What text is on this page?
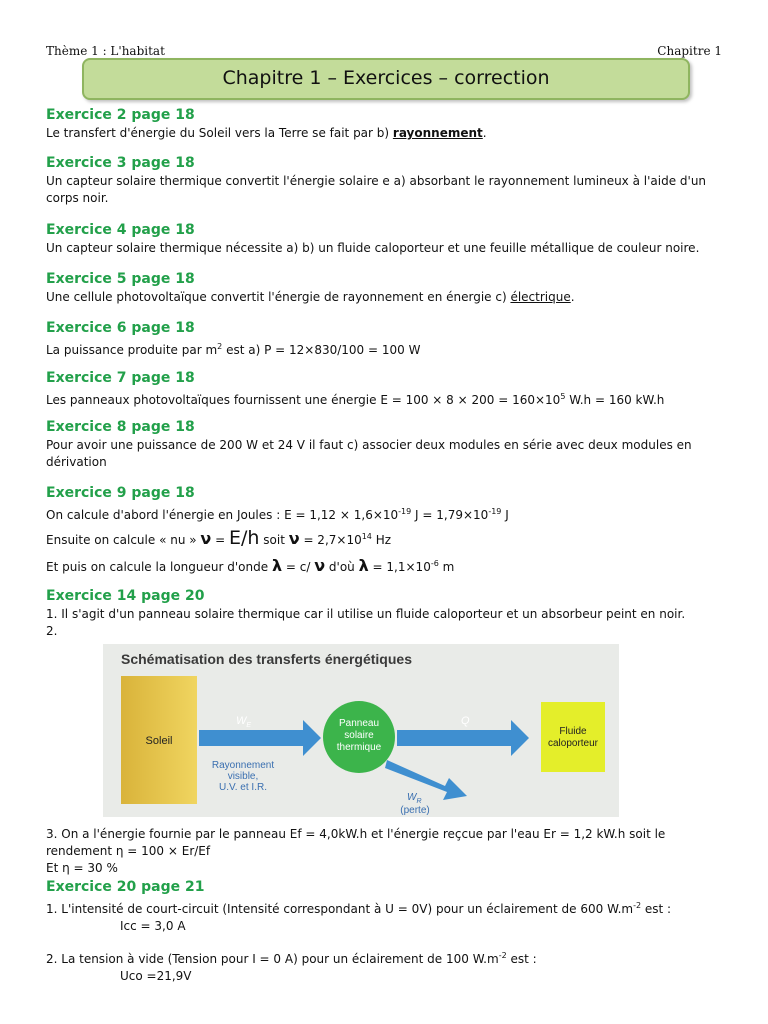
Thème 1 : L'habitat	Chapitre 1
Chapitre 1 – Exercices – correction
Exercice 2 page 18

Le transfert d'énergie du Soleil vers la Terre se fait par b) rayonnement.

Exercice 3 page 18

Un capteur solaire thermique convertit l'énergie solaire e a) absorbant le rayonnement lumineux à l'aide d'un corps noir.

Exercice 4 page 18

Un capteur solaire thermique nécessite a) b) un fluide caloporteur et une feuille métallique de couleur noire.

Exercice 5 page 18

Une cellule photovoltaïque convertit l'énergie de rayonnement en énergie c) électrique.

Exercice 6 page 18

La puissance produite par $m^2$ est a) P = 12×830/100 = 100 W

Exercice 7 page 18

Les panneaux photovoltaïques fournissent une énergie $E = 100 \times 8 \times 200 = 160\times 10^5$ W.h = 160 kW.h

Exercice 8 page 18

Pour avoir une puissance de 200 W et 24 V il faut c) associer deux modules en série avec deux modules en dérivation

Exercice 9 page 18

On calcule d'abord l'énergie en Joules : $E = 1,12 \times 1,6\times 10^{-19}$ $J = 1,79\times 10^{-19}$ J

Ensuite on calcule « nu » ν = E/h soit $\nu = 2,7\times 10^{14}$ Hz

Et puis on calcule la longueur d'onde λ = c/ ν d'où $\lambda = 1,1\times 10^{-6}$ m

Exercice 14 page 20

1. Il s'agit d'un panneau solaire thermique car il utilise un fluide caloporteur et un absorbeur peint en noir.

2.

Schématisation des transferts énergétiques
Soleil
$W_E$
Rayonnement
visible,
U.V. et I.R.
Panneau
solaire
thermique
Q
$W_R$
(perte)
Fluide
caloporteur

3. On a l'énergie fournie par le panneau Ef = 4,0kW.h et l'énergie reçcue par l'eau Er = 1,2 kW.h soit le rendement η = 100 × Er/Ef

Et η = 30 %

Exercice 20 page 21

1. L'intensité de court-circuit (Intensité correspondant à U = 0V) pour un éclairement de 600 $W.m^{-2}$ est :

Icc = 3,0 A

2. La tension à vide (Tension pour I = 0 A) pour un éclairement de 100 $W.m^{-2}$ est :

Uco =21,9V
